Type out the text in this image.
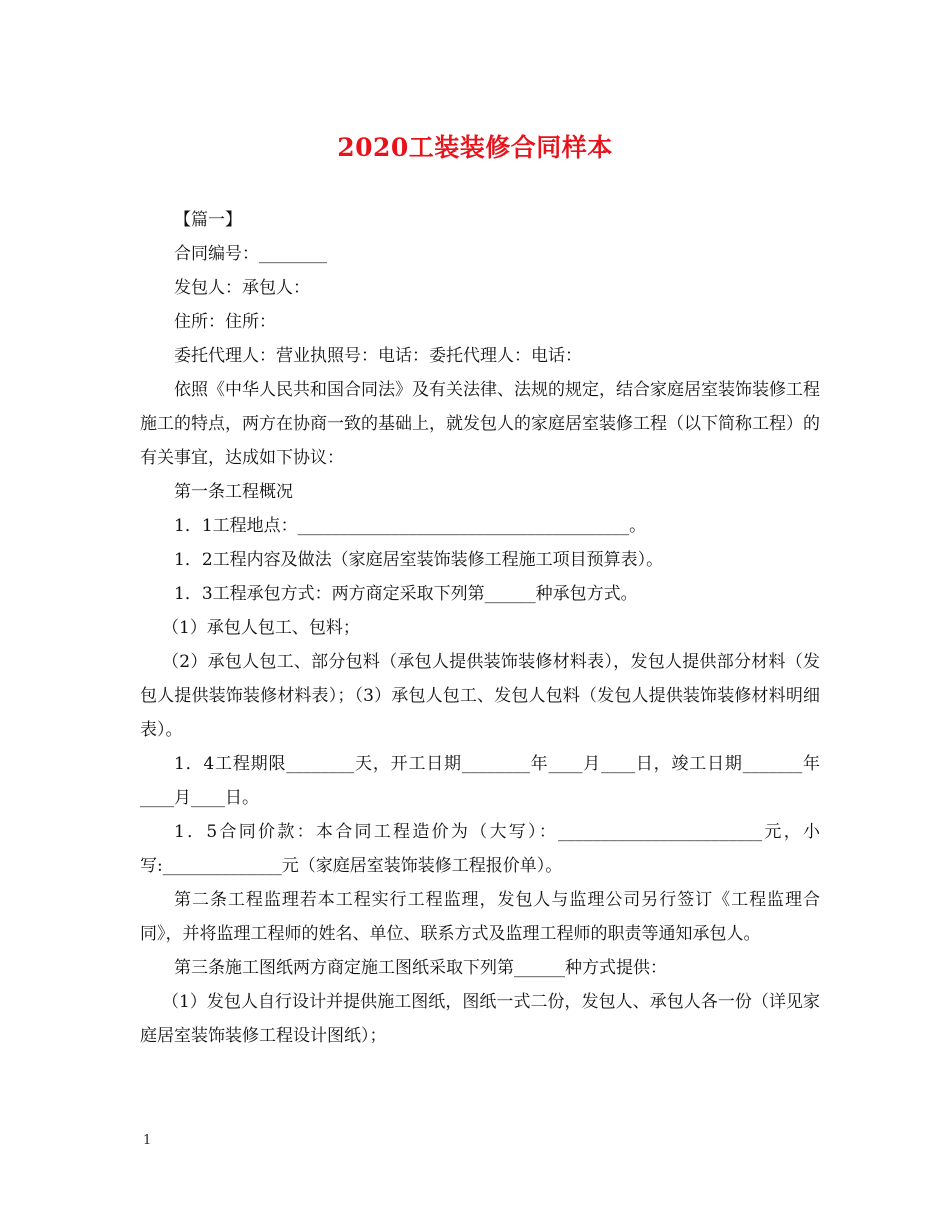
2020工装装修合同样本

【篇一】

合同编号：________

发包人：承包人：

住所：住所：

委托代理人：营业执照号：电话：委托代理人：电话：

依照《中华人民共和国合同法》及有关法律、法规的规定，结合家庭居室装饰装修工程施工的特点，两方在协商一致的基础上，就发包人的家庭居室装修工程（以下简称工程）的有关事宜，达成如下协议：

第一条工程概况

1．1工程地点：_______________________________________。

1．2工程内容及做法（家庭居室装饰装修工程施工项目预算表）。

1．3工程承包方式：两方商定采取下列第______种承包方式。

（1）承包人包工、包料；

（2）承包人包工、部分包料（承包人提供装饰装修材料表），发包人提供部分材料（发包人提供装饰装修材料表）；（3）承包人包工、发包人包料（发包人提供装饰装修材料明细表）。

1．4工程期限________天，开工日期________年____月____日，竣工日期_______年____月____日。

1．5合同价款：本合同工程造价为（大写）：________________________元，小写:______________元（家庭居室装饰装修工程报价单）。

第二条工程监理若本工程实行工程监理，发包人与监理公司另行签订《工程监理合同》，并将监理工程师的姓名、单位、联系方式及监理工程师的职责等通知承包人。

第三条施工图纸两方商定施工图纸采取下列第______种方式提供：

（1）发包人自行设计并提供施工图纸，图纸一式二份，发包人、承包人各一份（详见家庭居室装饰装修工程设计图纸）；

1
